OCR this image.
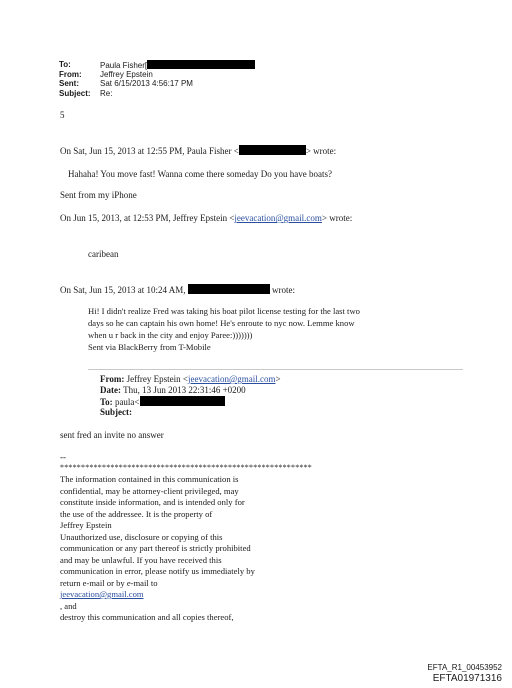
To:	Paula Fisher[
From: Jeffrey Epstein
Sent:	Sat 6/15/2013 4:56:17 PM
Subject: Re:
5
On Sat, Jun 15, 2013 at 12:55 PM, Paula Fisher <	> wrote:
Hahaha! You move fast! Wanna come there someday Do you have boats?
Sent from my iPhone
On Jun 15, 2013, at 12:53 PM, Jeffrey Epstein <jeevacation@gmail.com> wrote:
caribean
On Sat, Jun 15, 2013 at 10:24 AM,	wrote:
Hi! I didn't realize Fred was taking his boat pilot license testing for the last two
days so he can captain his own home! He's enroute to nyc now. Lemme know
when u r back in the city and enjoy Paree:)))))))
Sent via BlackBerry from T-Mobile
From: Jeffrey Epstein <jeevacation@gmail.com>
Date: Thu, 13 Jun 2013 22:31:46 +0200
To: paula<
Subject:
sent fred an invite no answer
--
************************************************************
The information contained in this communication is
confidential, may be attorney-client privileged, may
constitute inside information, and is intended only for
the use of the addressee. It is the property of
Jeffrey Epstein
Unauthorized use, disclosure or copying of this
communication or any part thereof is strictly prohibited
and may be unlawful. If you have received this
communication in error, please notify us immediately by
return e-mail or by e-mail to
jeevacation@gmail.com
, and
destroy this communication and all copies thereof,
EFTA_R1_00453952
EFTA01971316
